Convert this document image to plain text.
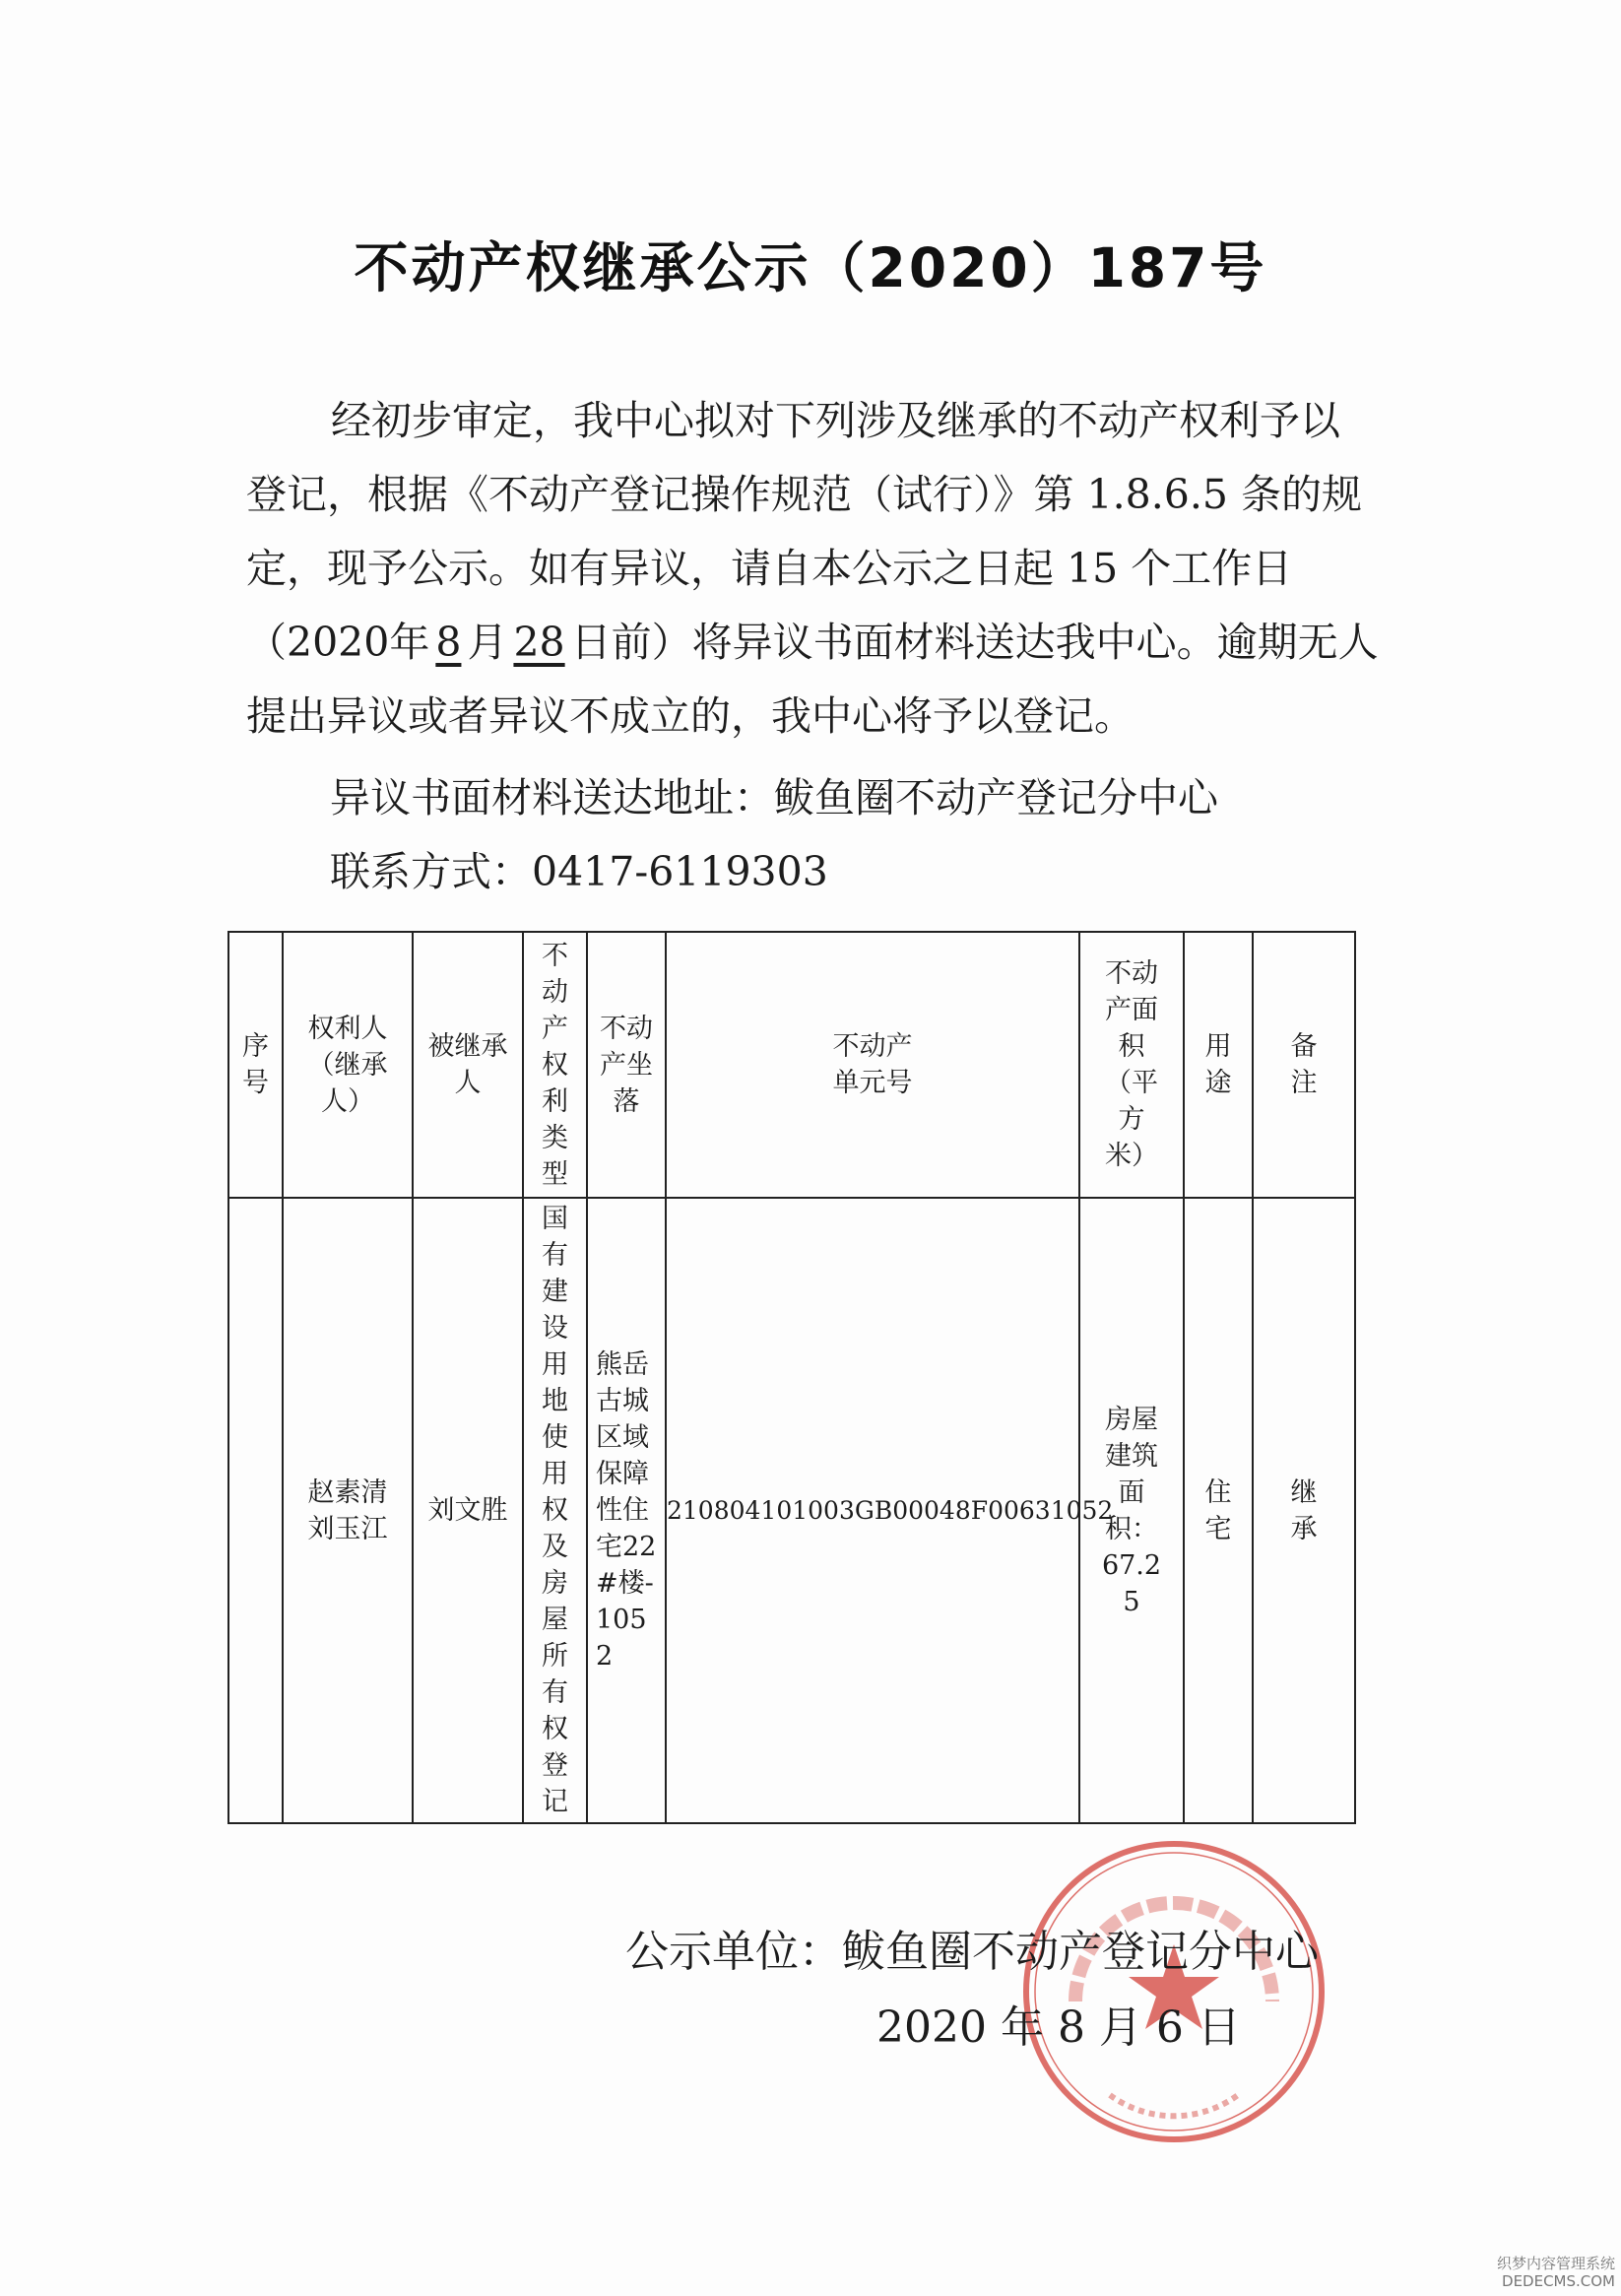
不动产权继承公示（2020）187号
经初步审定，我中心拟对下列涉及继承的不动产权利予以登记，根据《不动产登记操作规范（试行）》第 1.8.6.5 条的规定，现予公示。如有异议，请自本公示之日起 15 个工作日（2020年 8 月 28 日前）将异议书面材料送达我中心。逾期无人提出异议或者异议不成立的，我中心将予以登记。
异议书面材料送达地址：鲅鱼圈不动产登记分中心
联系方式：0417-6119303
序号	权利人（继承人）	被继承人	不动产权利类型	不动产坐落	不动产单元号	不动产面积（平方米）	用途	备注
	赵素清刘玉江	刘文胜	国有建设用地使用权及房屋所有权登记	熊岳古城区域保障性住宅22#楼-1052	210804101003GB00048F00631052	房屋建筑面积：67.25	住宅	继承
公示单位：鲅鱼圈不动产登记分中心
2020 年 8 月 6 日
织梦内容管理系统
DEDECMS.COM
